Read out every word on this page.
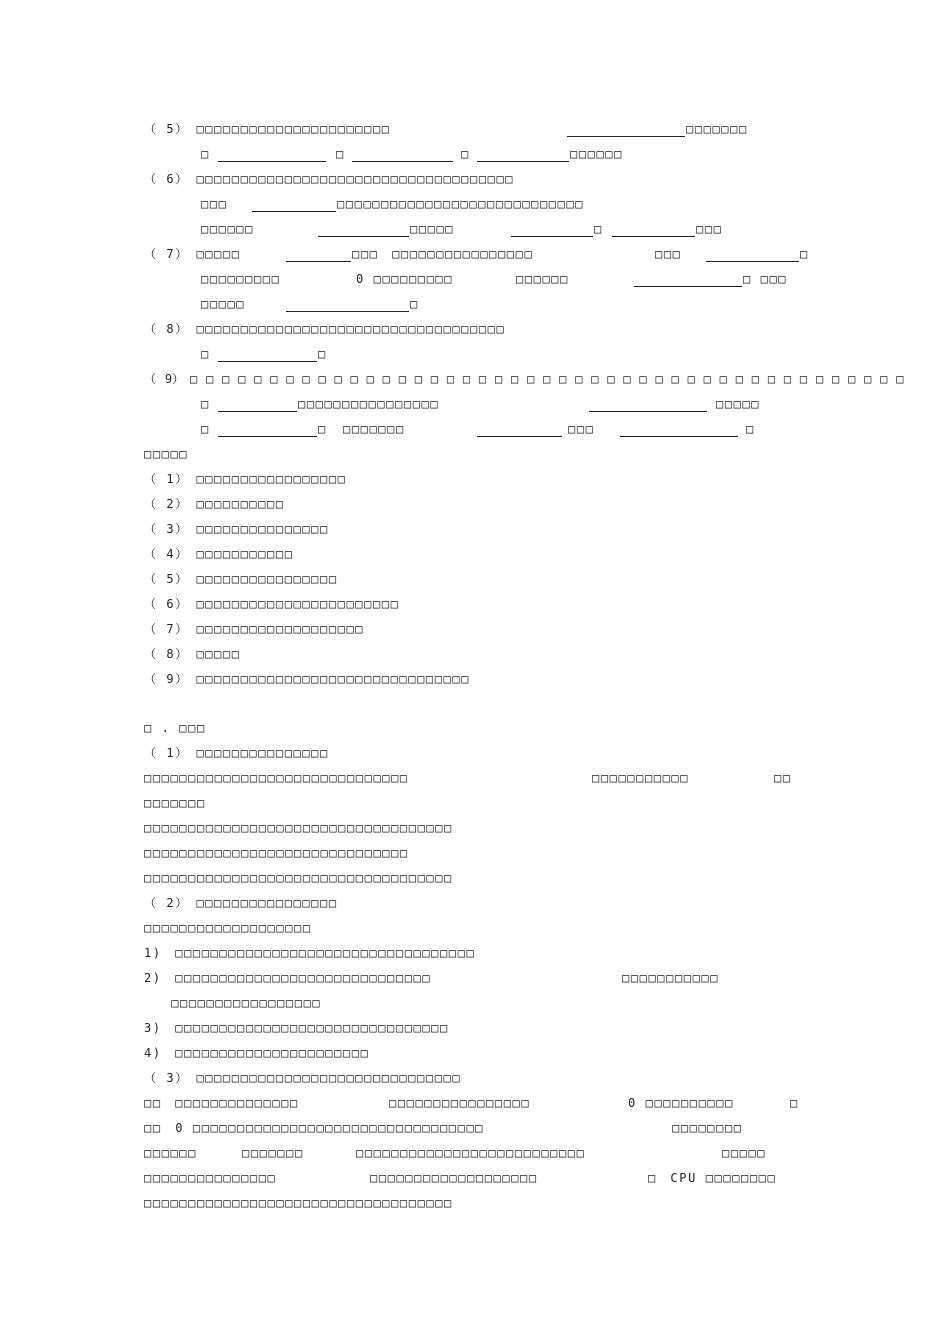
（ 5）　□□□□□□□□□□□□□□□□□□□□□□	□□□□□□□
□	□	□	□□□□□□
（ 6）　□□□□□□□□□□□□□□□□□□□□□□□□□□□□□□□□□□□□
□□□	□□□□□□□□□□□□□□□□□□□□□□□□□□□□
□□□□□□	□□□□□	□	□□□
（ 7）　□□□□□	□□□　□□□□□□□□□□□□□□□□	□□□	□
□□□□□□□□□	0 □□□□□□□□□	□□□□□□	□ □□□
□□□□□	□
（ 8）　□□□□□□□□□□□□□□□□□□□□□□□□□□□□□□□□□□□
□	□
（ 9）　□ □ □ □ □ □ □ □ □ □ □ □ □ □ □ □ □ □ □ □ □ □ □ □ □ □ □ □ □ □ □ □ □ □ □ □ □ □ □ □ □ □ □ □ □
□	□□□□□□□□□□□□□□□□	□□□□□
□	□ □□□□□□□	□□□	□
□□□□□
（ 1）　□□□□□□□□□□□□□□□□□
（ 2）　□□□□□□□□□□
（ 3）　□□□□□□□□□□□□□□□
（ 4）　□□□□□□□□□□□
（ 5）　□□□□□□□□□□□□□□□□
（ 6）　□□□□□□□□□□□□□□□□□□□□□□□
（ 7）　□□□□□□□□□□□□□□□□□□□
（ 8）　□□□□□
（ 9）　□□□□□□□□□□□□□□□□□□□□□□□□□□□□□□□
□ . □□□
（ 1）　□□□□□□□□□□□□□□□
□□□□□□□□□□□□□□□□□□□□□□□□□□□□□□	□□□□□□□□□□□	□□
□□□□□□□
□□□□□□□□□□□□□□□□□□□□□□□□□□□□□□□□□□□
□□□□□□□□□□□□□□□□□□□□□□□□□□□□□□
□□□□□□□□□□□□□□□□□□□□□□□□□□□□□□□□□□□
（ 2）　□□□□□□□□□□□□□□□□
□□□□□□□□□□□□□□□□□□□
1)　□□□□□□□□□□□□□□□□□□□□□□□□□□□□□□□□□□
2)　□□□□□□□□□□□□□□□□□□□□□□□□□□□□□	□□□□□□□□□□□
　　□□□□□□□□□□□□□□□□□
3)　□□□□□□□□□□□□□□□□□□□□□□□□□□□□□□□
4)　□□□□□□□□□□□□□□□□□□□□□□
（ 3）　□□□□□□□□□□□□□□□□□□□□□□□□□□□□□□
□□　□□□□□□□□□□□□□□	□□□□□□□□□□□□□□□□	0 □□□□□□□□□□	□
□□　0 □□□□□□□□□□□□□□□□□□□□□□□□□□□□□□□□□	□□□□□□□□
□□□□□□	□□□□□□□	□□□□□□□□□□□□□□□□□□□□□□□□□□	□□□□□
□□□□□□□□□□□□□□□	□□□□□□□□□□□□□□□□□□□	□　CPU □□□□□□□□
□□□□□□□□□□□□□□□□□□□□□□□□□□□□□□□□□□□
